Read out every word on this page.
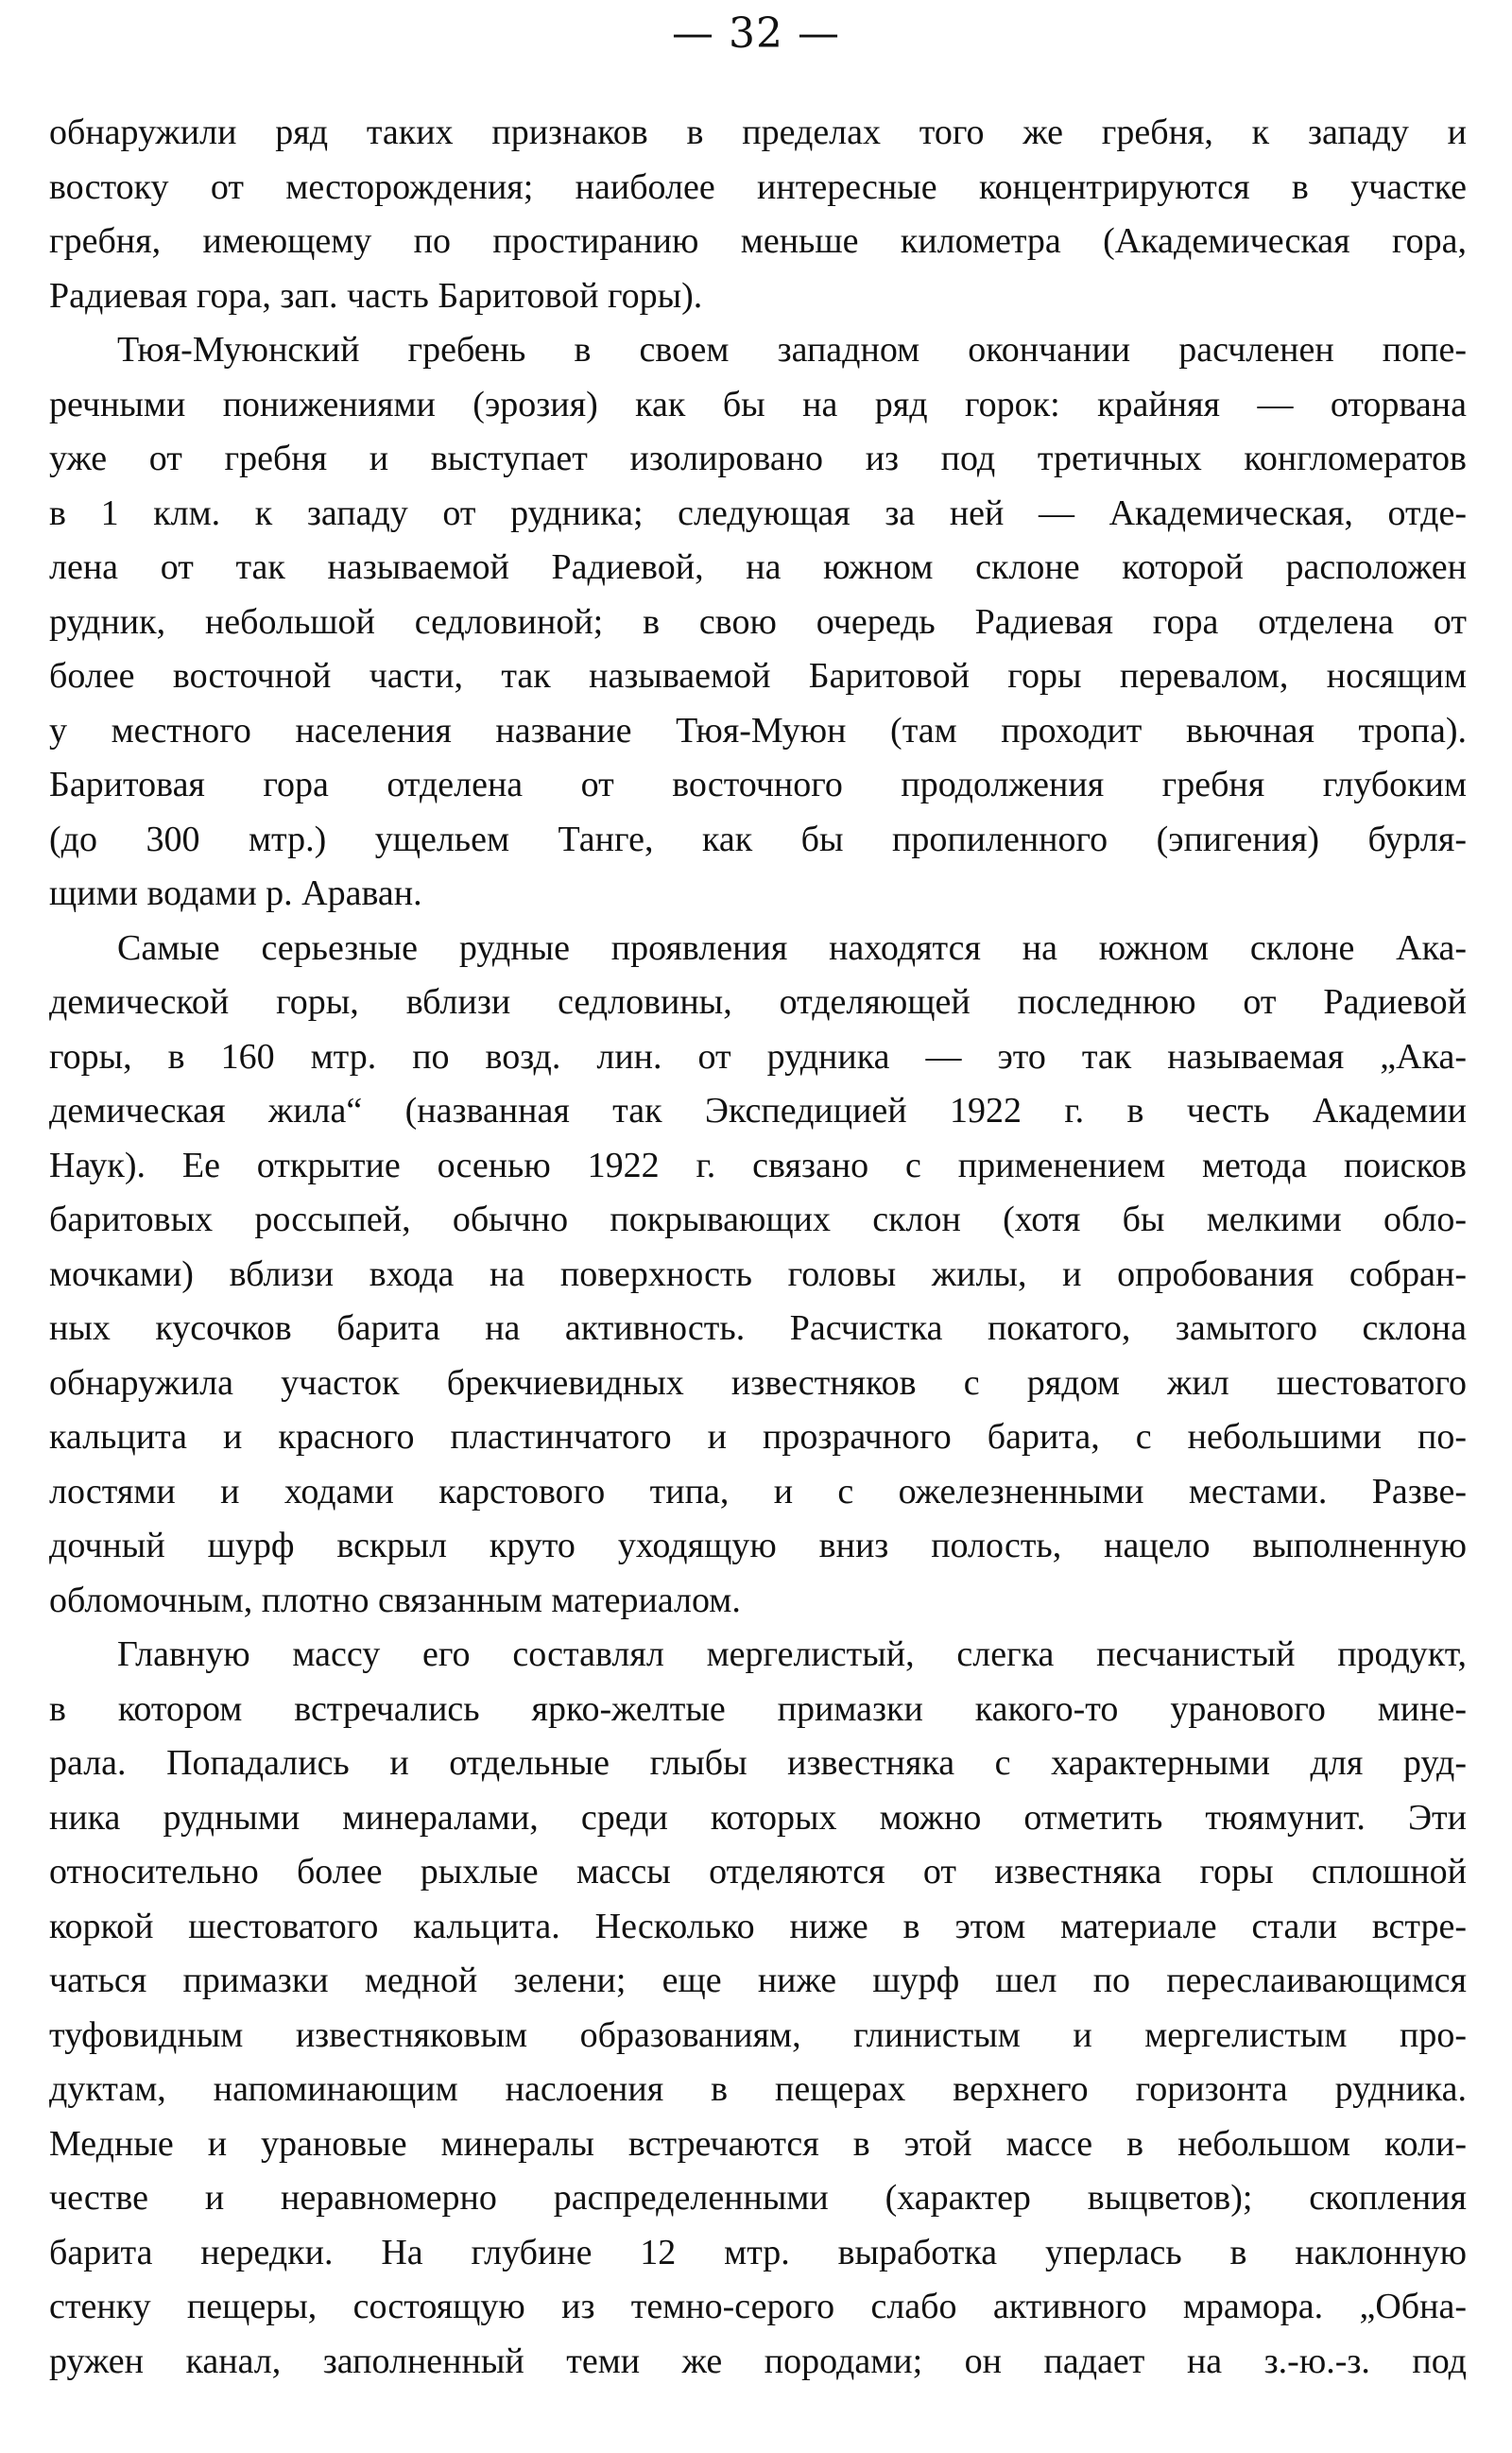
— 32 —
обнаружили ряд таких признаков в пределах того же гребня, к западу и
востоку от месторождения; наиболее интересные концентрируются в участке
гребня, имеющему по простиранию меньше километра (Академическая гора,
Радиевая гора, зап. часть Баритовой горы).
Тюя-Муюнский гребень в своем западном окончании расчленен попе-
речными понижениями (эрозия) как бы на ряд горок: крайняя — оторвана
уже от гребня и выступает изолировано из под третичных конгломератов
в 1 клм. к западу от рудника; следующая за ней — Академическая, отде-
лена от так называемой Радиевой, на южном склоне которой расположен
рудник, небольшой седловиной; в свою очередь Радиевая гора отделена от
более восточной части, так называемой Баритовой горы перевалом, носящим
у местного населения название Тюя-Муюн (там проходит вьючная тропа).
Баритовая гора отделена от восточного продолжения гребня глубоким
(до 300 мтр.) ущельем Танге, как бы пропиленного (эпигения) бурля-
щими водами р. Араван.
Самые серьезные рудные проявления находятся на южном склоне Ака-
демической горы, вблизи седловины, отделяющей последнюю от Радиевой
горы, в 160 мтр. по возд. лин. от рудника — это так называемая „Ака-
демическая жила“ (названная так Экспедицией 1922 г. в честь Академии
Наук). Ее открытие осенью 1922 г. связано с применением метода поисков
баритовых россыпей, обычно покрывающих склон (хотя бы мелкими обло-
мочками) вблизи входа на поверхность головы жилы, и опробования собран-
ных кусочков барита на активность. Расчистка покатого, замытого склона
обнаружила участок брекчиевидных известняков с рядом жил шестоватого
кальцита и красного пластинчатого и прозрачного барита, с небольшими по-
лостями и ходами карстового типа, и с ожелезненными местами. Разве-
дочный шурф вскрыл круто уходящую вниз полость, нацело выполненную
обломочным, плотно связанным материалом.
Главную массу его составлял мергелистый, слегка песчанистый продукт,
в котором встречались ярко-желтые примазки какого-то уранового мине-
рала. Попадались и отдельные глыбы известняка с характерными для руд-
ника рудными минералами, среди которых можно отметить тюямунит. Эти
относительно более рыхлые массы отделяются от известняка горы сплошной
коркой шестоватого кальцита. Несколько ниже в этом материале стали встре-
чаться примазки медной зелени; еще ниже шурф шел по переслаивающимся
туфовидным известняковым образованиям, глинистым и мергелистым про-
дуктам, напоминающим наслоения в пещерах верхнего горизонта рудника.
Медные и урановые минералы встречаются в этой массе в небольшом коли-
честве и неравномерно распределенными (характер выцветов); скопления
барита нередки. На глубине 12 мтр. выработка уперлась в наклонную
стенку пещеры, состоящую из темно-серого слабо активного мрамора. „Обна-
ружен канал, заполненный теми же породами; он падает на з.-ю.-з. под
